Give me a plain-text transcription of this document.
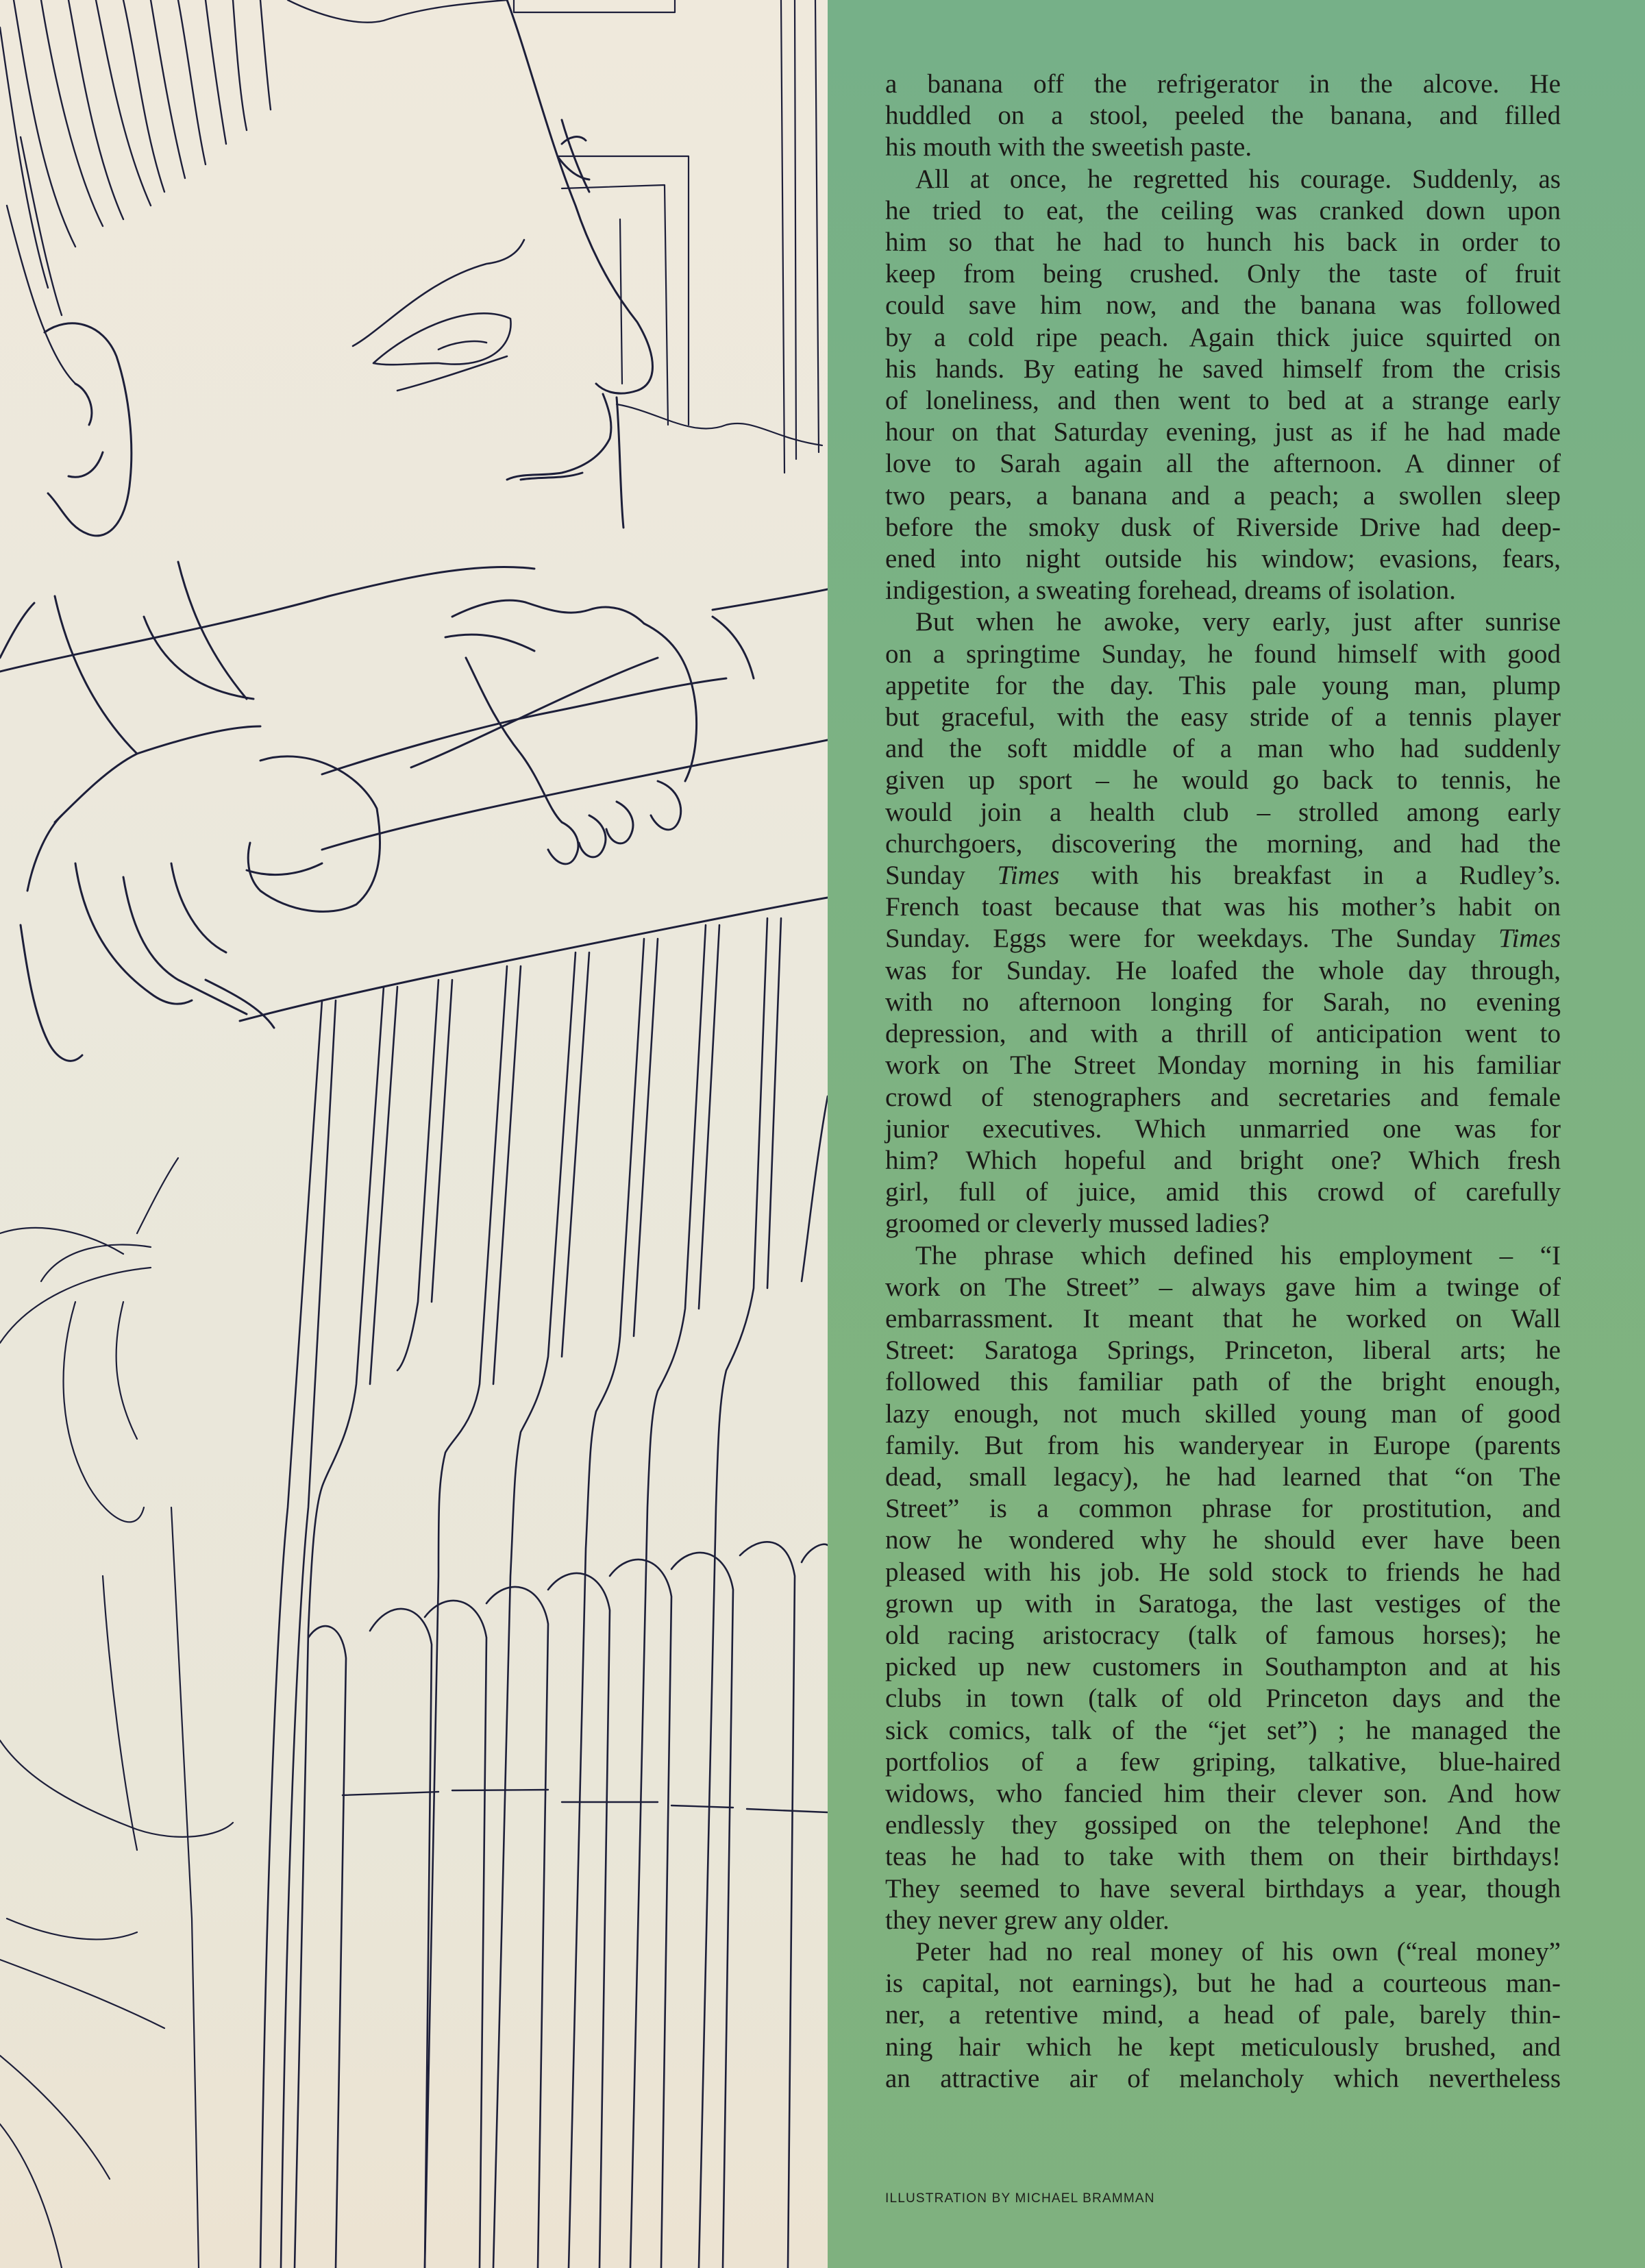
a banana off the refrigerator in the alcove. He
huddled on a stool, peeled the banana, and filled
his mouth with the sweetish paste.

All at once, he regretted his courage. Suddenly, as
he tried to eat, the ceiling was cranked down upon
him so that he had to hunch his back in order to
keep from being crushed. Only the taste of fruit
could save him now, and the banana was followed
by a cold ripe peach. Again thick juice squirted on
his hands. By eating he saved himself from the crisis
of loneliness, and then went to bed at a strange early
hour on that Saturday evening, just as if he had made
love to Sarah again all the afternoon. A dinner of
two pears, a banana and a peach; a swollen sleep
before the smoky dusk of Riverside Drive had deep-
ened into night outside his window; evasions, fears,
indigestion, a sweating forehead, dreams of isolation.

But when he awoke, very early, just after sunrise
on a springtime Sunday, he found himself with good
appetite for the day. This pale young man, plump
but graceful, with the easy stride of a tennis player
and the soft middle of a man who had suddenly
given up sport – he would go back to tennis, he
would join a health club – strolled among early
churchgoers, discovering the morning, and had the
Sunday Times with his breakfast in a Rudley’s.
French toast because that was his mother’s habit on
Sunday. Eggs were for weekdays. The Sunday Times
was for Sunday. He loafed the whole day through,
with no afternoon longing for Sarah, no evening
depression, and with a thrill of anticipation went to
work on The Street Monday morning in his familiar
crowd of stenographers and secretaries and female
junior executives. Which unmarried one was for
him? Which hopeful and bright one? Which fresh
girl, full of juice, amid this crowd of carefully
groomed or cleverly mussed ladies?

The phrase which defined his employment – “I
work on The Street” – always gave him a twinge of
embarrassment. It meant that he worked on Wall
Street: Saratoga Springs, Princeton, liberal arts; he
followed this familiar path of the bright enough,
lazy enough, not much skilled young man of good
family. But from his wanderyear in Europe (parents
dead, small legacy), he had learned that “on The
Street” is a common phrase for prostitution, and
now he wondered why he should ever have been
pleased with his job. He sold stock to friends he had
grown up with in Saratoga, the last vestiges of the
old racing aristocracy (talk of famous horses); he
picked up new customers in Southampton and at his
clubs in town (talk of old Princeton days and the
sick comics, talk of the “jet set”) ; he managed the
portfolios of a few griping, talkative, blue-haired
widows, who fancied him their clever son. And how
endlessly they gossiped on the telephone! And the
teas he had to take with them on their birthdays!
They seemed to have several birthdays a year, though
they never grew any older.

Peter had no real money of his own (“real money”
is capital, not earnings), but he had a courteous man-
ner, a retentive mind, a head of pale, barely thin-
ning hair which he kept meticulously brushed, and
an attractive air of melancholy which nevertheless

ILLUSTRATION BY MICHAEL BRAMMAN
